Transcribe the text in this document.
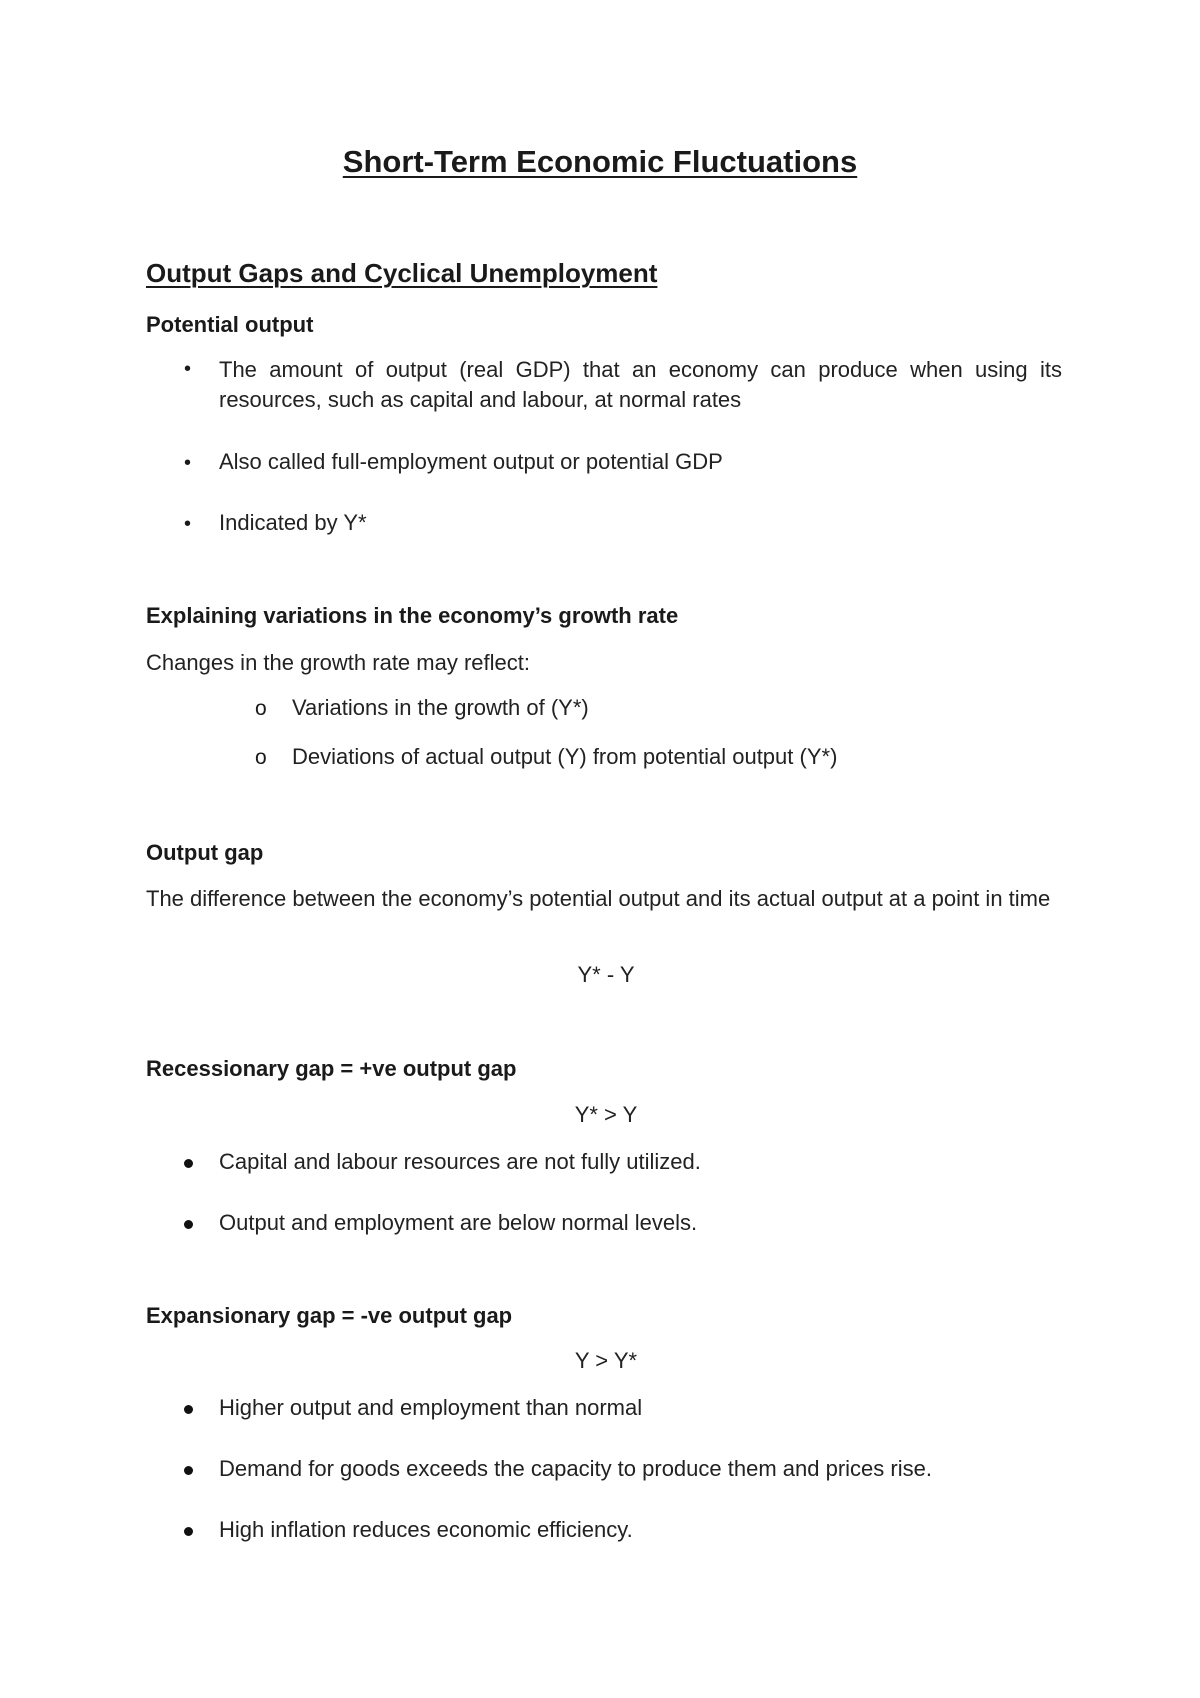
Short-Term Economic Fluctuations
Output Gaps and Cyclical Unemployment
Potential output
• The amount of output (real GDP) that an economy can produce when using its resources, such as capital and labour, at normal rates
• Also called full-employment output or potential GDP
• Indicated by Y*
Explaining variations in the economy’s growth rate
Changes in the growth rate may reflect:
o Variations in the growth of (Y*)
o Deviations of actual output (Y) from potential output (Y*)
Output gap
The difference between the economy’s potential output and its actual output at a point in time
Y* - Y
Recessionary gap = +ve output gap
Y* > Y
Capital and labour resources are not fully utilized.
Output and employment are below normal levels.
Expansionary gap = -ve output gap
Y > Y*
Higher output and employment than normal
Demand for goods exceeds the capacity to produce them and prices rise.
High inflation reduces economic efficiency.
